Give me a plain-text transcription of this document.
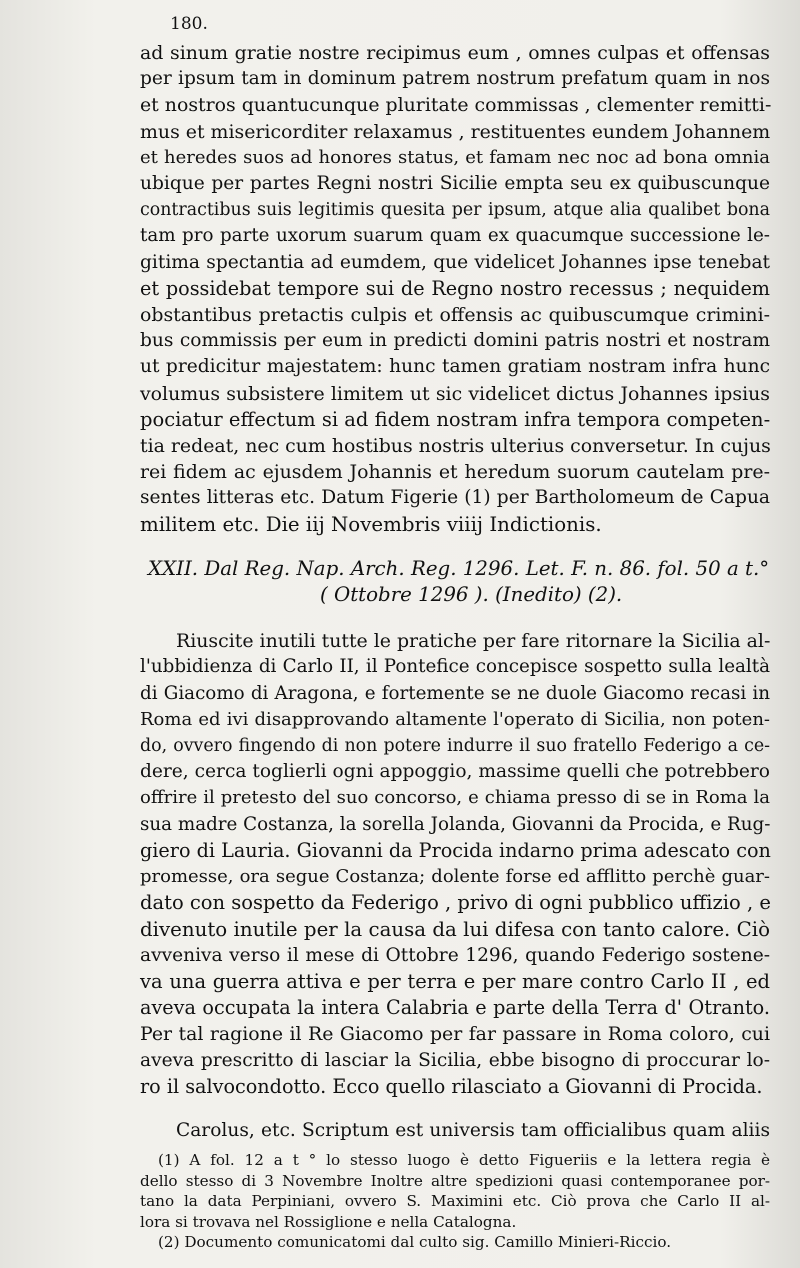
180.
ad sinum gratie nostre recipimus eum , omnes culpas et offensas
per ipsum tam in dominum patrem nostrum prefatum quam in nos
et nostros quantucunque pluritate commissas , clementer remitti-
mus et misericorditer relaxamus , restituentes eundem Johannem
et heredes suos ad honores status, et famam nec noc ad bona omnia
ubique per partes Regni nostri Sicilie empta seu ex quibuscunque
contractibus suis legitimis quesita per ipsum, atque alia qualibet bona
tam pro parte uxorum suarum quam ex quacumque successione le-
gitima spectantia ad eumdem, que videlicet Johannes ipse tenebat
et possidebat tempore sui de Regno nostro recessus ; nequidem
obstantibus pretactis culpis et offensis ac quibuscumque crimini-
bus commissis per eum in predicti domini patris nostri et nostram
ut predicitur majestatem: hunc tamen gratiam nostram infra hunc
volumus subsistere limitem ut sic videlicet dictus Johannes ipsius
pociatur effectum si ad fidem nostram infra tempora competen-
tia redeat, nec cum hostibus nostris ulterius conversetur. In cujus
rei fidem ac ejusdem Johannis et heredum suorum cautelam pre-
sentes litteras etc. Datum Figerie (1) per Bartholomeum de Capua
militem etc. Die iij Novembris viiij Indictionis.
XXII. Dal Reg. Nap. Arch. Reg. 1296. Let. F. n. 86. fol. 50 a t.°
( Ottobre 1296 ). (Inedito) (2).
Riuscite inutili tutte le pratiche per fare ritornare la Sicilia al-
l'ubbidienza di Carlo II, il Pontefice concepisce sospetto sulla lealtà
di Giacomo di Aragona, e fortemente se ne duole Giacomo recasi in
Roma ed ivi disapprovando altamente l'operato di Sicilia, non poten-
do, ovvero fingendo di non potere indurre il suo fratello Federigo a ce-
dere, cerca toglierli ogni appoggio, massime quelli che potrebbero
offrire il pretesto del suo concorso, e chiama presso di se in Roma la
sua madre Costanza, la sorella Jolanda, Giovanni da Procida, e Rug-
giero di Lauria. Giovanni da Procida indarno prima adescato con
promesse, ora segue Costanza; dolente forse ed afflitto perchè guar-
dato con sospetto da Federigo , privo di ogni pubblico uffizio , e
divenuto inutile per la causa da lui difesa con tanto calore. Ciò
avveniva verso il mese di Ottobre 1296, quando Federigo sostene-
va una guerra attiva e per terra e per mare contro Carlo II , ed
aveva occupata la intera Calabria e parte della Terra d' Otranto.
Per tal ragione il Re Giacomo per far passare in Roma coloro, cui
aveva prescritto di lasciar la Sicilia, ebbe bisogno di proccurar lo-
ro il salvocondotto. Ecco quello rilasciato a Giovanni di Procida.
Carolus, etc. Scriptum est universis tam officialibus quam aliis
(1) A fol. 12 a t ° lo stesso luogo è detto Figueriis e la lettera regia è
dello stesso di 3 Novembre Inoltre altre spedizioni quasi contemporanee por-
tano la data Perpiniani, ovvero S. Maximini etc. Ciò prova che Carlo II al-
lora si trovava nel Rossiglione e nella Catalogna.
(2) Documento comunicatomi dal culto sig. Camillo Minieri-Riccio.
